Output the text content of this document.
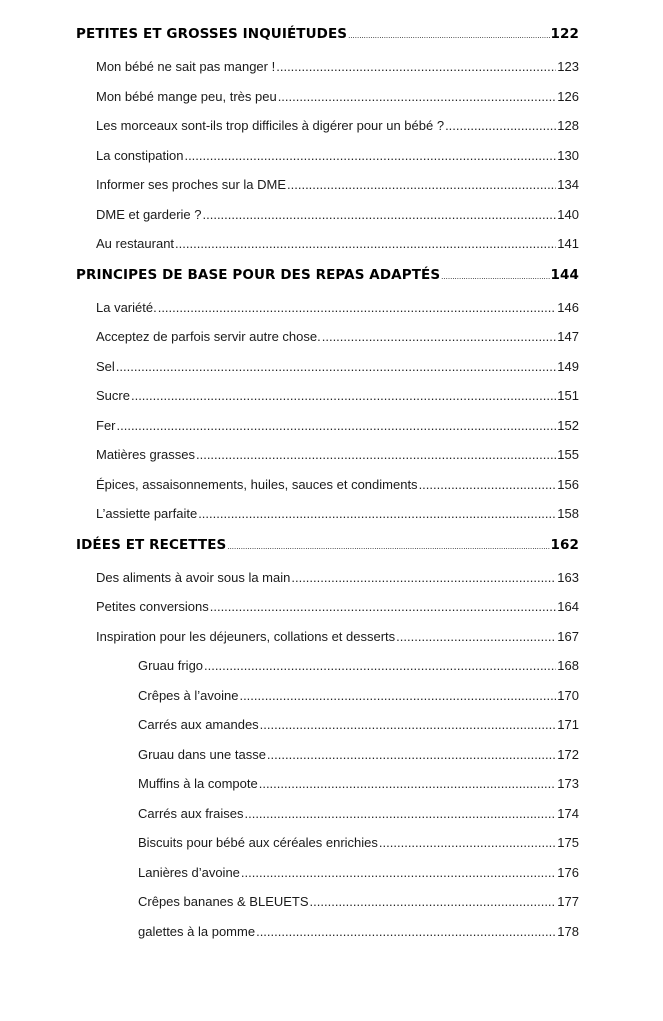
PETITES ET GROSSES INQUIÉTUDES .....	122
Mon bébé ne sait pas manger ! .....	123
Mon bébé mange peu, très peu .....	126
Les morceaux sont-ils trop difficiles à digérer pour un bébé ? .....	128
La constipation .....	130
Informer ses proches sur la DME .....	134
DME et garderie ? .....	140
Au restaurant .....	141
PRINCIPES DE BASE POUR DES REPAS ADAPTÉS .....	144
La variété. .....	146
Acceptez de parfois servir autre chose. .....	147
Sel .....	149
Sucre .....	151
Fer .....	152
Matières grasses .....	155
Épices, assaisonnements, huiles, sauces et condiments .....	156
L’assiette parfaite .....	158
IDÉES ET RECETTES .....	162
Des aliments à avoir sous la main .....	163
Petites conversions .....	164
Inspiration pour les déjeuners, collations et desserts .....	167
Gruau frigo .....	168
Crêpes à l’avoine .....	170
Carrés aux amandes .....	171
Gruau dans une tasse .....	172
Muffins à la compote .....	173
Carrés aux fraises .....	174
Biscuits pour bébé aux céréales enrichies .....	175
Lanières d’avoine .....	176
Crêpes bananes & BLEUETS .....	177
galettes à la pomme .....	178
